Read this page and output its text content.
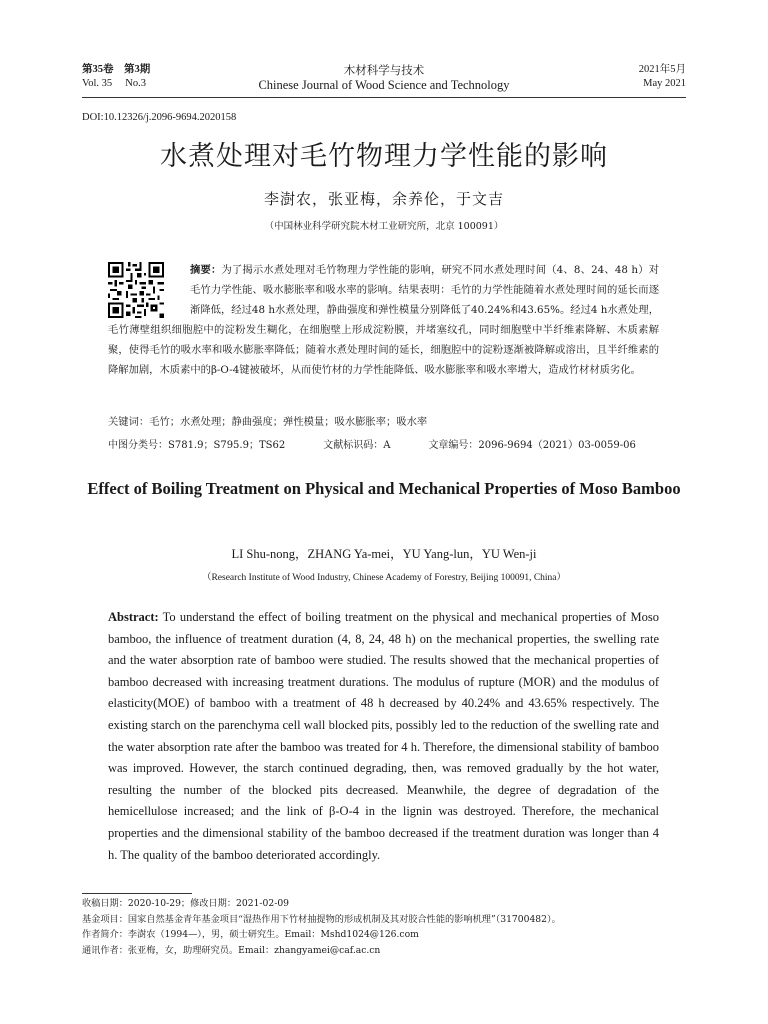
第35卷　第3期
Vol. 35　 No.3
木材科学与技术
Chinese Journal of Wood Science and Technology
2021年5月
May 2021
DOI:10.12326/j.2096-9694.2020158
水煮处理对毛竹物理力学性能的影响
李澍农，张亚梅，余养伦，于文吉
（中国林业科学研究院木材工业研究所，北京 100091）
摘要：为了揭示水煮处理对毛竹物理力学性能的影响，研究不同水煮处理时间（4、8、24、48 h）对毛竹力学性能、吸水膨胀率和吸水率的影响。结果表明：毛竹的力学性能随着水煮处理时间的延长而逐渐降低，经过48 h水煮处理，静曲强度和弹性模量分别降低了40.24%和43.65%。经过4 h水煮处理，毛竹薄壁组织细胞腔中的淀粉发生糊化，在细胞壁上形成淀粉膜，并堵塞纹孔，同时细胞壁中半纤维素降解、木质素解聚，使得毛竹的吸水率和吸水膨胀率降低；随着水煮处理时间的延长，细胞腔中的淀粉逐渐被降解或溶出，且半纤维素的降解加剧，木质素中的β-O-4键被破坏，从而使竹材的力学性能降低、吸水膨胀率和吸水率增大，造成竹材材质劣化。
关键词：毛竹；水煮处理；静曲强度；弹性模量；吸水膨胀率；吸水率
中图分类号：S781.9；S795.9；TS62	文献标识码：A	文章编号：2096-9694（2021）03-0059-06
Effect of Boiling Treatment on Physical and Mechanical Properties of Moso Bamboo
LI Shu-nong，ZHANG Ya-mei，YU Yang-lun，YU Wen-ji
（Research Institute of Wood Industry, Chinese Academy of Forestry, Beijing 100091, China）
Abstract: To understand the effect of boiling treatment on the physical and mechanical properties of Moso bamboo, the influence of treatment duration (4, 8, 24, 48 h) on the mechanical properties, the swelling rate and the water absorption rate of bamboo were studied. The results showed that the mechanical properties of bamboo decreased with increasing treatment durations. The modulus of rupture (MOR) and the modulus of elasticity(MOE) of bamboo with a treatment of 48 h decreased by 40.24% and 43.65% respectively. The existing starch on the parenchyma cell wall blocked pits, possibly led to the reduction of the swelling rate and the water absorption rate after the bamboo was treated for 4 h. Therefore, the dimensional stability of bamboo was improved. However, the starch continued degrading, then, was removed gradually by the hot water, resulting the number of the blocked pits decreased. Meanwhile, the degree of degradation of the hemicellulose increased; and the link of β-O-4 in the lignin was destroyed. Therefore, the mechanical properties and the dimensional stability of the bamboo decreased if the treatment duration was longer than 4 h. The quality of the bamboo deteriorated accordingly.
收稿日期：2020-10-29；修改日期：2021-02-09
基金项目：国家自然基金青年基金项目“湿热作用下竹材抽提物的形成机制及其对胶合性能的影响机理”（31700482）。
作者简介：李澍农（1994—），男，硕士研究生。Email：Mshd1024@126.com
通讯作者：张亚梅，女，助理研究员。Email：zhangyamei@caf.ac.cn
